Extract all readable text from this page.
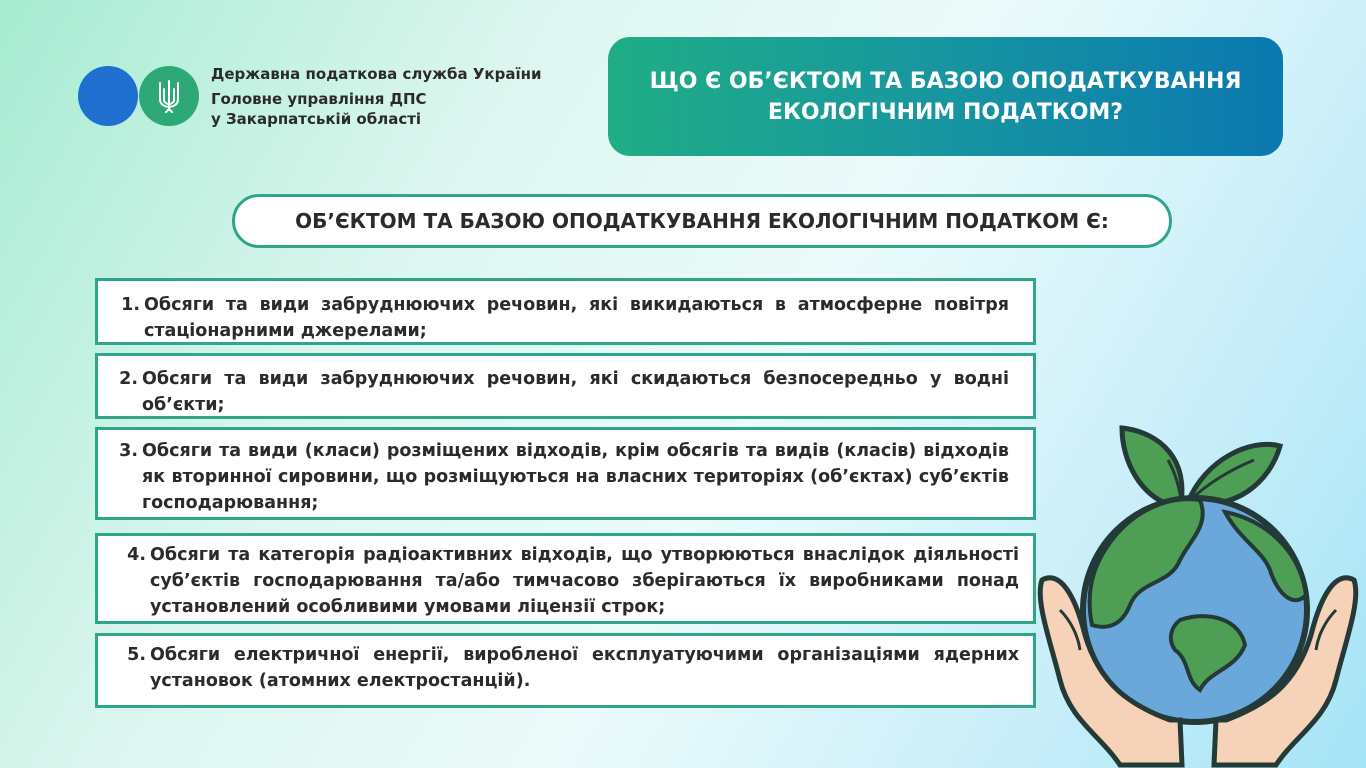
Державна податкова служба України
Головне управління ДПС
у Закарпатській області
ЩО Є ОБ’ЄКТОМ ТА БАЗОЮ ОПОДАТКУВАННЯ ЕКОЛОГІЧНИМ ПОДАТКОМ?
ОБ’ЄКТОМ ТА БАЗОЮ ОПОДАТКУВАННЯ ЕКОЛОГІЧНИМ ПОДАТКОМ Є:
1. Обсяги та види забруднюючих речовин, які викидаються в атмосферне повітря стаціонарними джерелами;
2. Обсяги та види забруднюючих речовин, які скидаються безпосередньо у водні об’єкти;
3. Обсяги та види (класи) розміщених відходів, крім обсягів та видів (класів) відходів як вторинної сировини, що розміщуються на власних територіях (об’єктах) суб’єктів господарювання;
4. Обсяги та категорія радіоактивних відходів, що утворюються внаслідок діяльності суб’єктів господарювання та/або тимчасово зберігаються їх виробниками понад установлений особливими умовами ліцензії строк;
5. Обсяги електричної енергії, виробленої експлуатуючими організаціями ядерних установок (атомних електростанцій).
